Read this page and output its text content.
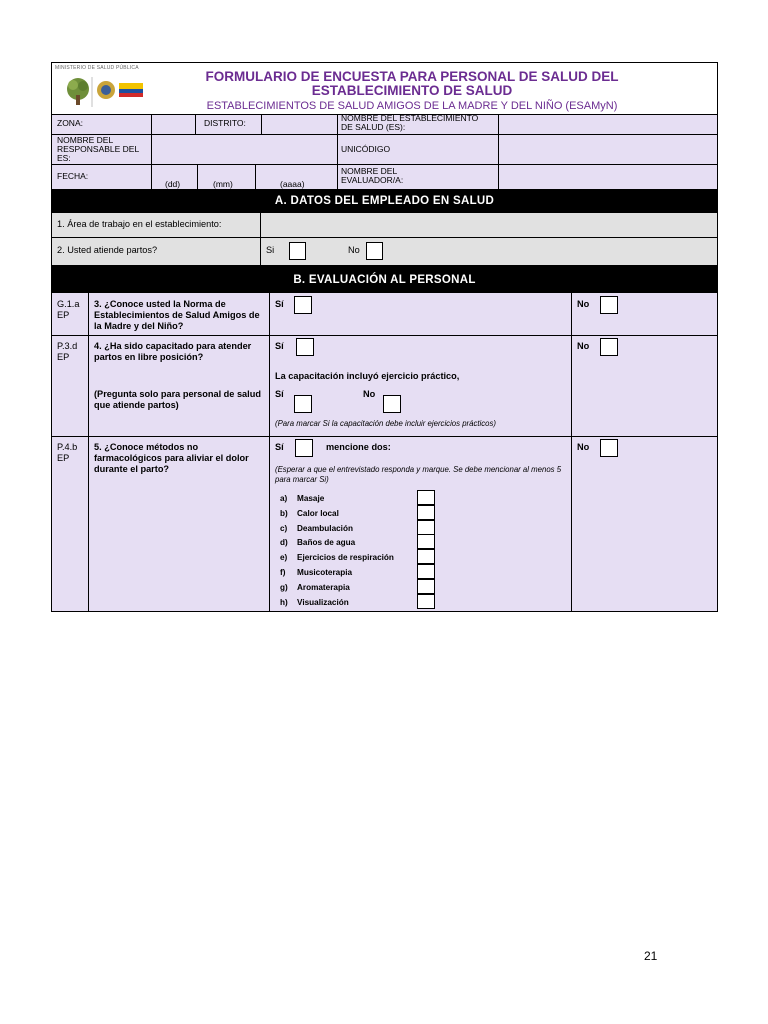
MINISTERIO DE SALUD PÚBLICA
FORMULARIO DE ENCUESTA PARA PERSONAL DE SALUD DEL
ESTABLECIMIENTO DE SALUD
ESTABLECIMIENTOS DE SALUD AMIGOS DE LA MADRE Y DEL NIÑO (ESAMyN)
ZONA:	DISTRITO:	NOMBRE DEL ESTABLECIMIENTO DE SALUD (ES):
NOMBRE DEL RESPONSABLE DEL ES:
UNICÓDIGO
FECHA:
(dd)	(mm)	(aaaa)
NOMBRE DEL EVALUADOR/A:
A. DATOS DEL EMPLEADO EN SALUD
1. Área de trabajo en el establecimiento:
2. Usted atiende partos?	Si	No
B. EVALUACIÓN AL PERSONAL
G.1.a EP
3. ¿Conoce usted la Norma de Establecimientos de Salud Amigos de la Madre y del Niño?
Sí	No
P.3.d EP
4. ¿Ha sido capacitado para atender partos en libre posición?
(Pregunta solo para personal de salud que atiende partos)
Sí	No
La capacitación incluyó ejercicio práctico,
Sí	No
(Para marcar Si la capacitación debe incluir ejercicios prácticos)
P.4.b EP
5. ¿Conoce métodos no farmacológicos para aliviar el dolor durante el parto?
Sí	mencione dos:	No
(Esperar a que el entrevistado responda y marque. Se debe mencionar al menos 5 para marcar Si)
a) Masaje
b) Calor local
c) Deambulación
d) Baños de agua
e) Ejercicios de respiración
f) Musicoterapia
g) Aromaterapia
h) Visualización
21
